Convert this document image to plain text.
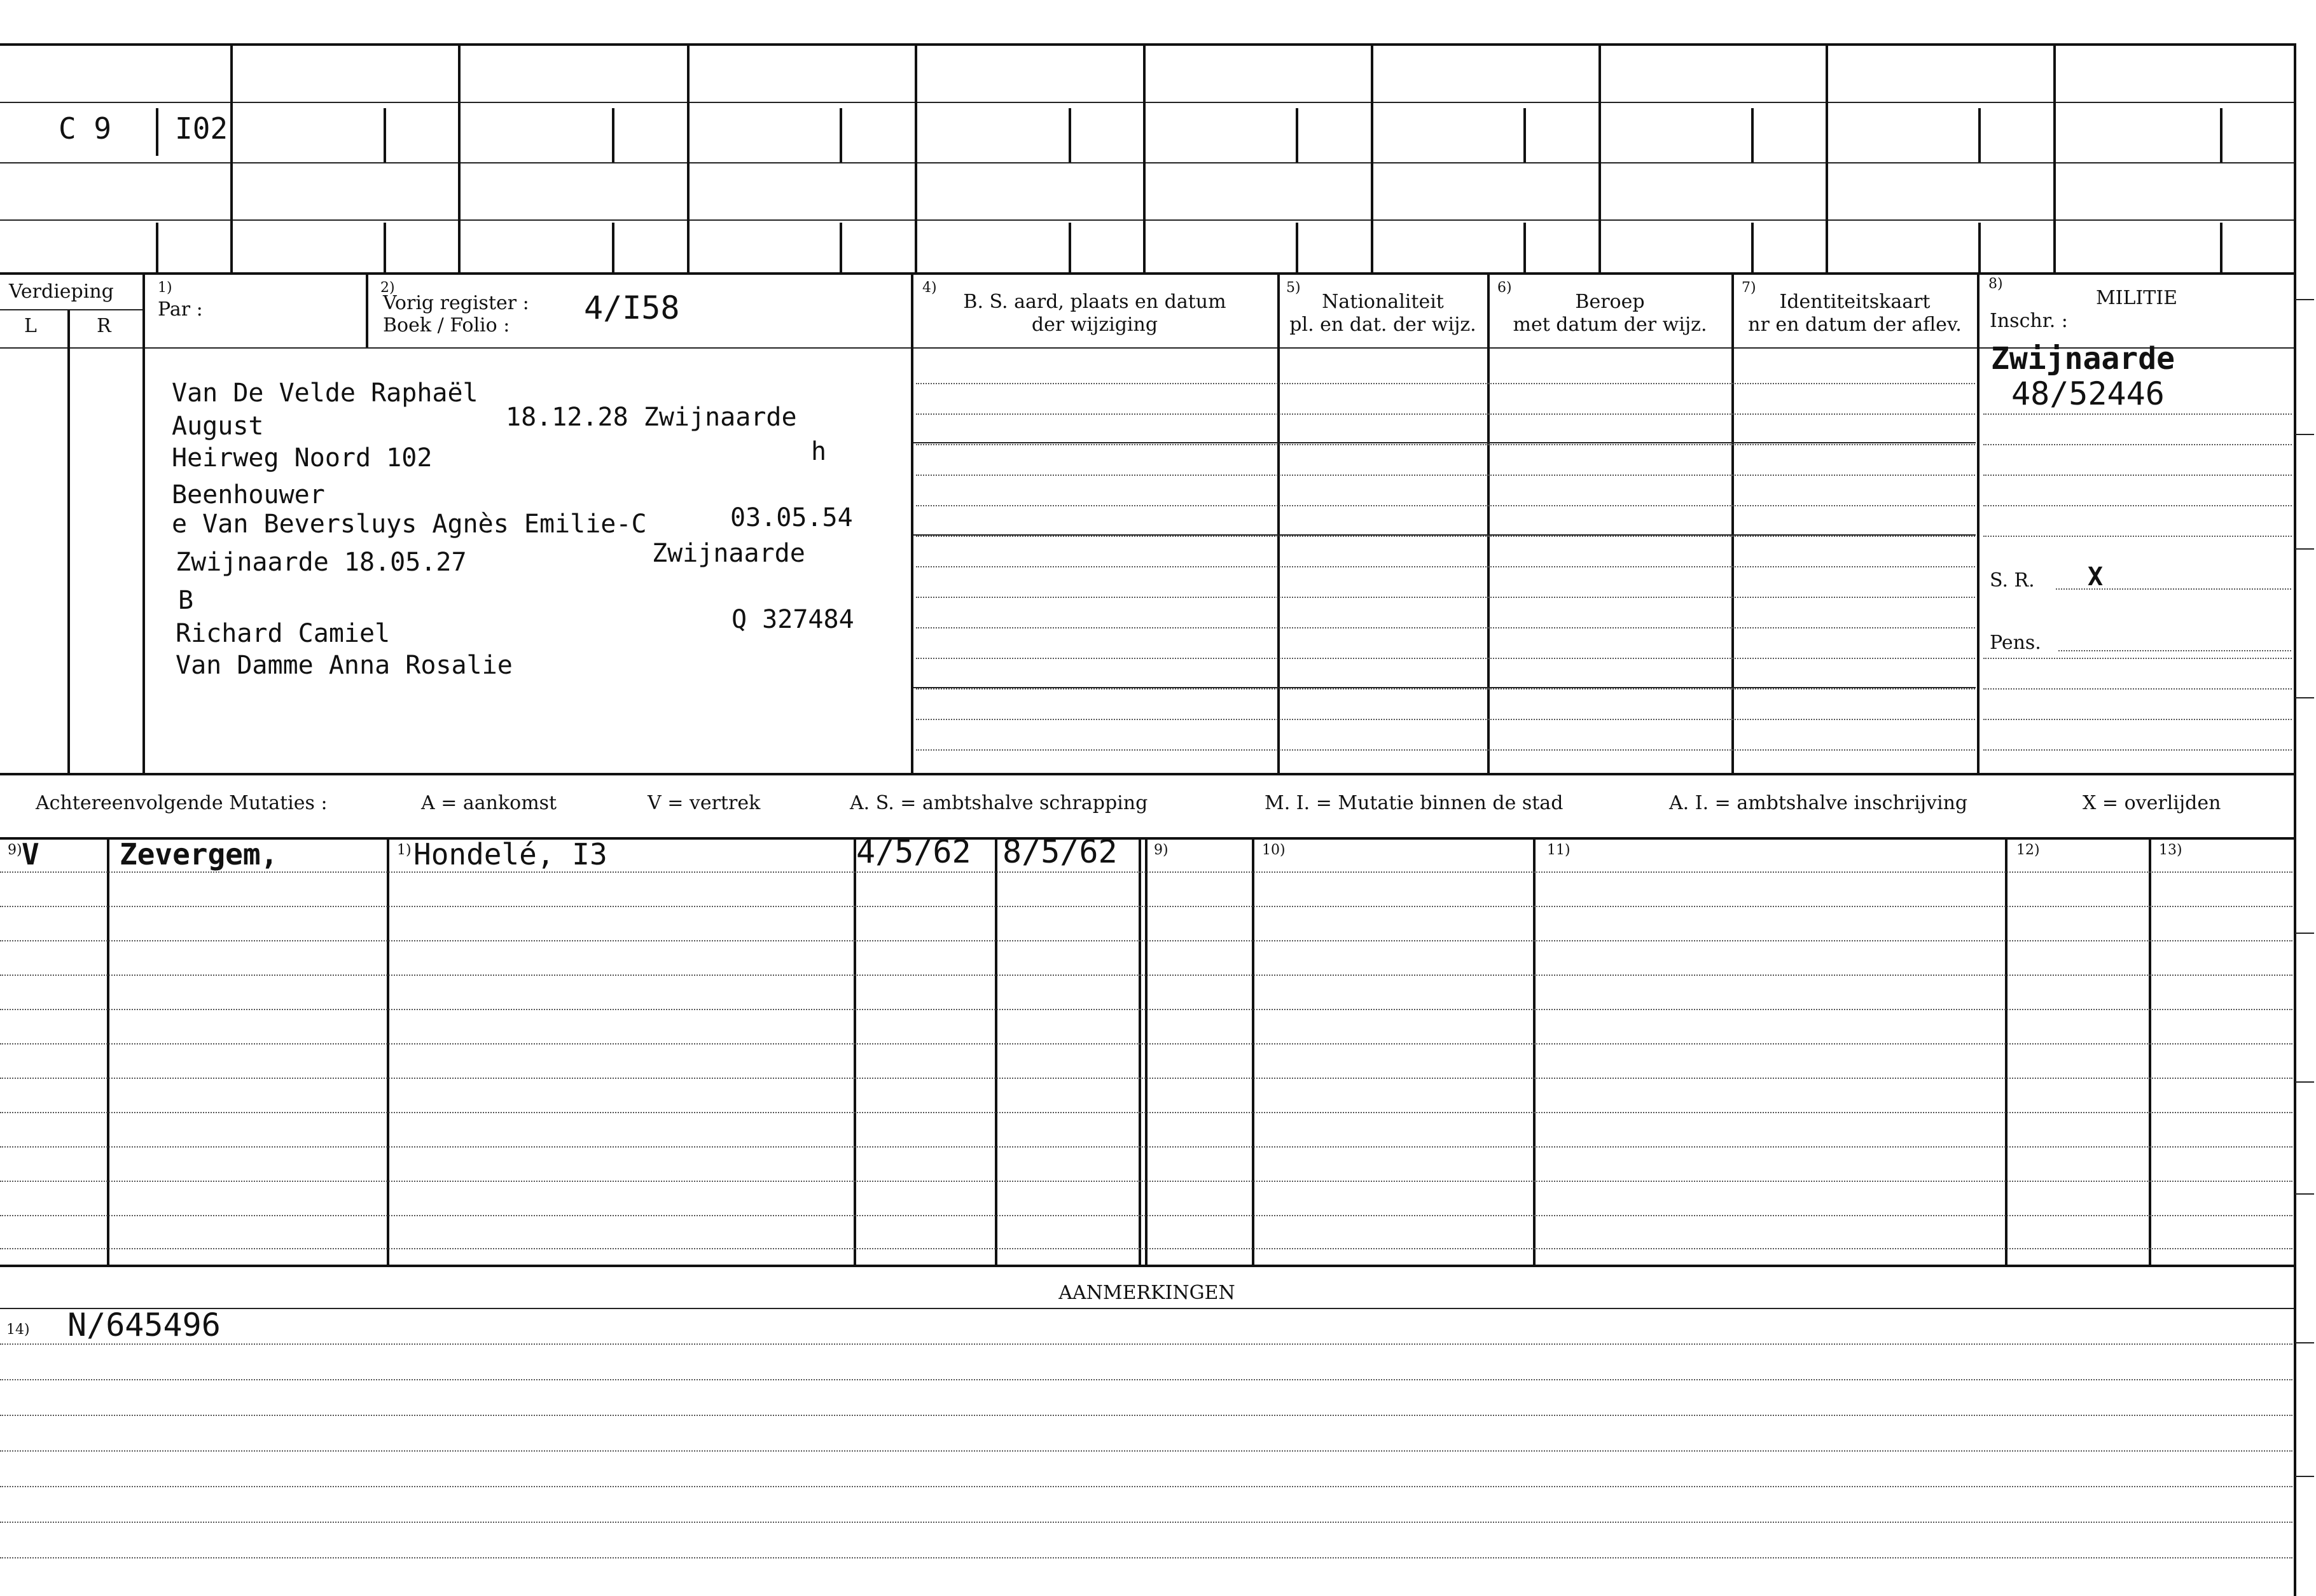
C 9 I02
Verdieping
L	R
1)
Par :
2)
Vorig register :
Boek / Folio : 4/I58
4)
B. S. aard, plaats en datum
der wijziging
5)
Nationaliteit
pl. en dat. der wijz.
6)
Beroep
met datum der wijz.
7)
Identiteitskaart
nr en datum der aflev.
8)
MILITIE
Inschr. :
Zwijnaarde
48/52446
S. R. X
Pens.
Van De Velde Raphaël
August	18.12.28 Zwijnaarde
Heirweg Noord 102	h
Beenhouwer
e Van Beversluys Agnès Emilie-C	03.05.54
Zwijnaarde 18.05.27	Zwijnaarde
B
Richard Camiel	Q 327484
Van Damme Anna Rosalie
Achtereenvolgende Mutaties :	A = aankomst	V = vertrek	A. S. = ambtshalve schrapping	M. I. = Mutatie binnen de stad	A. I. = ambtshalve inschrijving	X = overlijden
9) V	Zevergem,	1) Hondelé, I3	4/5/62 8/5/62	9)	10)	11)	12)	13)
AANMERKINGEN
14) N/645496
